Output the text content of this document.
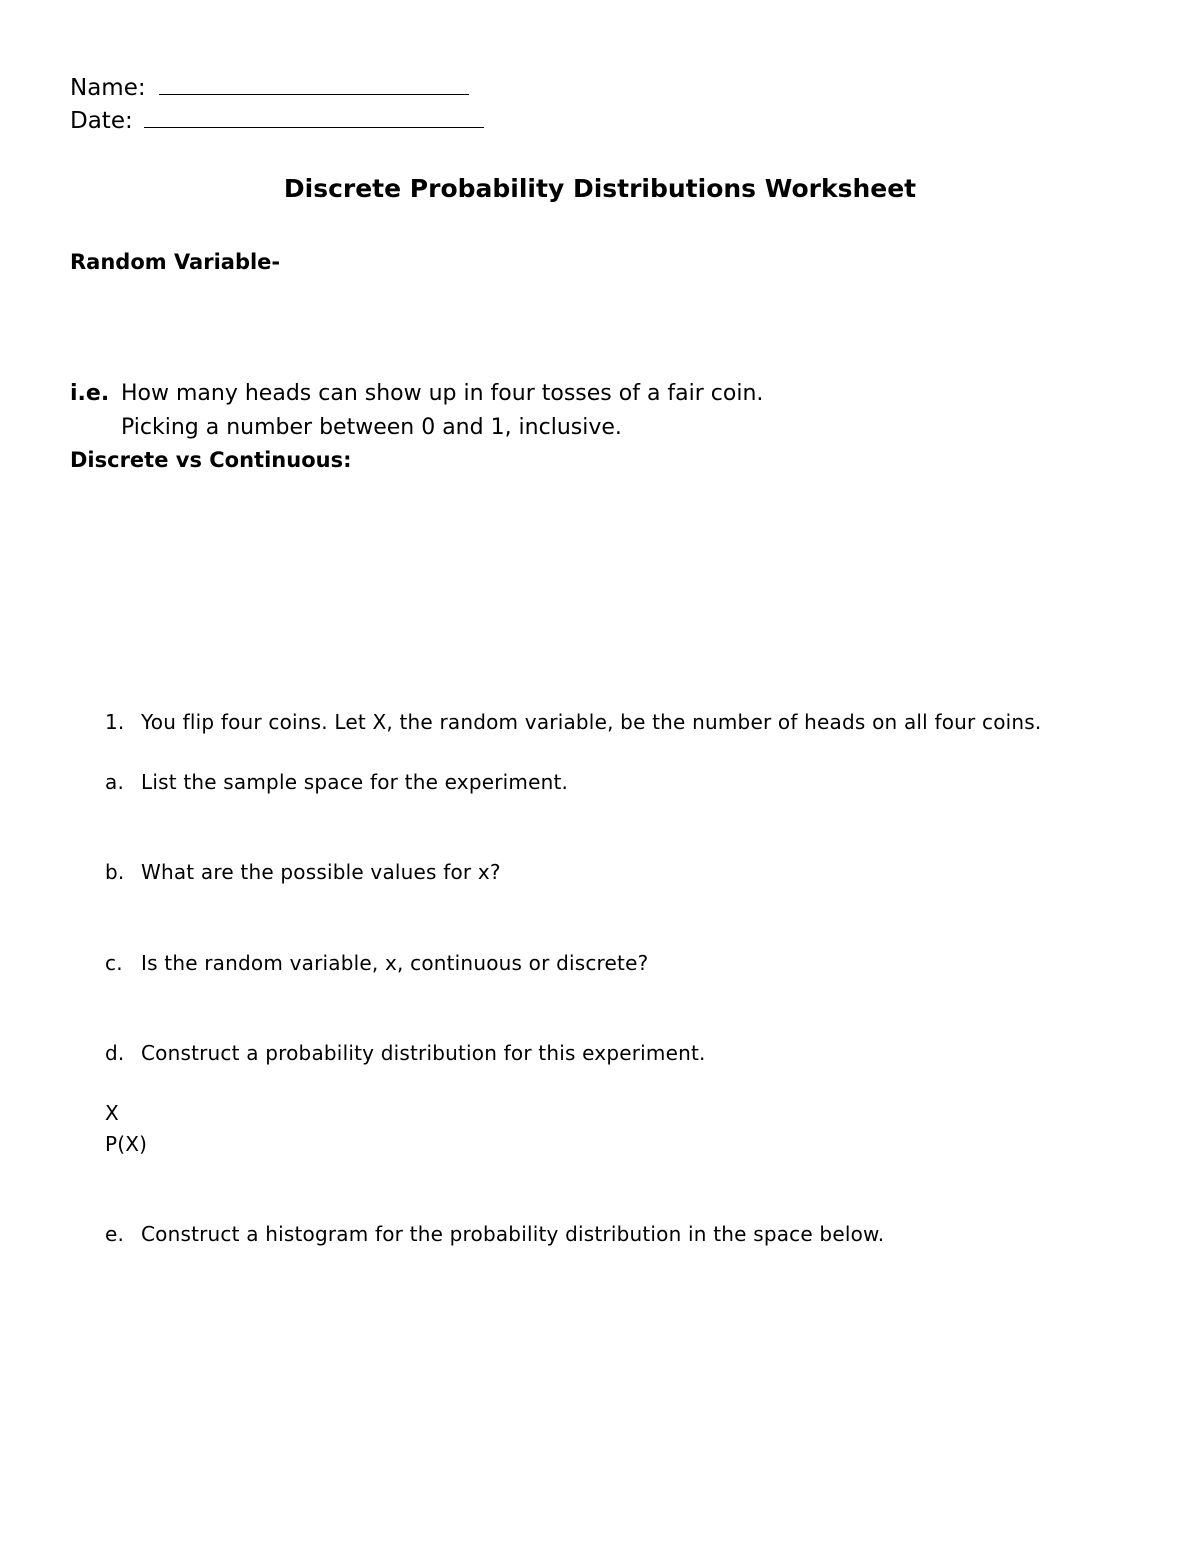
Name:
Date:
Discrete Probability Distributions Worksheet
Random Variable-
i.e. How many heads can show up in four tosses of a fair coin.
Picking a number between 0 and 1, inclusive.
Discrete vs Continuous:
1. You flip four coins. Let X, the random variable, be the number of heads on all four coins.
a. List the sample space for the experiment.
b. What are the possible values for x?
c. Is the random variable, x, continuous or discrete?
d. Construct a probability distribution for this experiment.
X
P(X)
e. Construct a histogram for the probability distribution in the space below.
